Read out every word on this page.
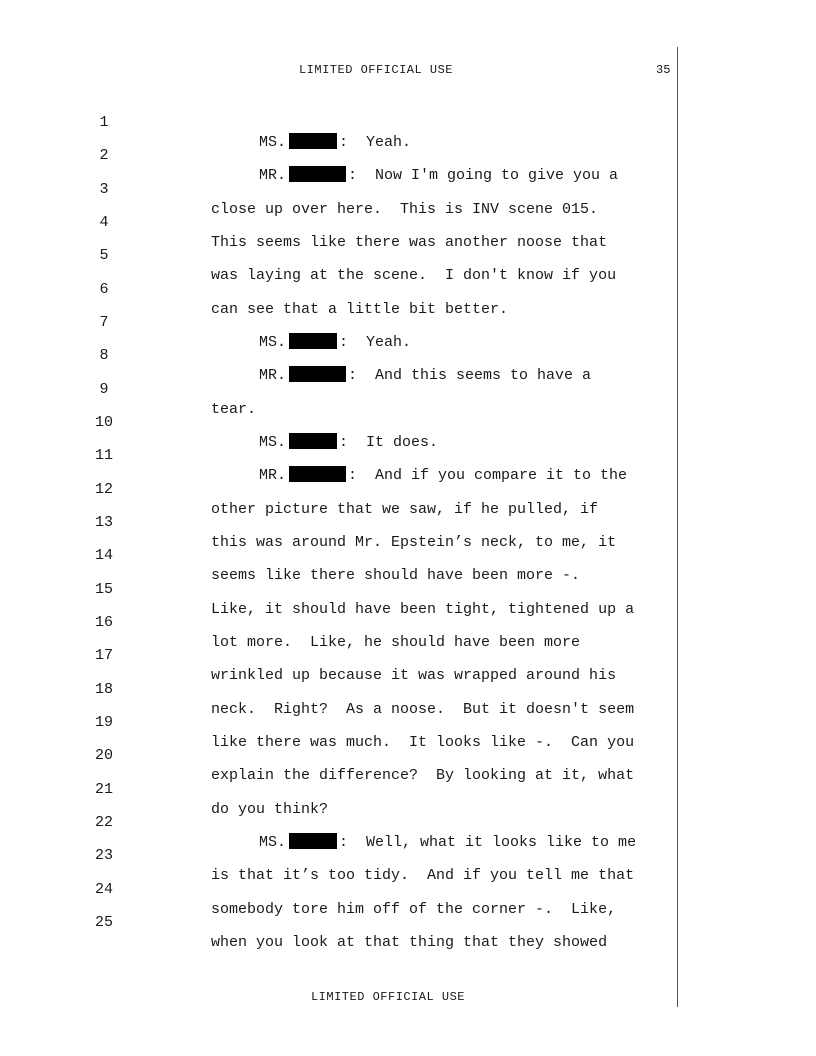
LIMITED OFFICIAL USE	35

1

MS.	:  Yeah.

2

MR.	:  Now I'm going to give you a

3

close up over here.  This is INV scene 015.

4

This seems like there was another noose that

5

was laying at the scene.  I don't know if you

6

can see that a little bit better.

7

MS.	:  Yeah.

8

MR.	:  And this seems to have a

9

tear.

10

MS.	:  It does.

11

MR.	:  And if you compare it to the

12

other picture that we saw, if he pulled, if

13

this was around Mr. Epstein’s neck, to me, it

14

seems like there should have been more -.

15

Like, it should have been tight, tightened up a

16

lot more.  Like, he should have been more

17

wrinkled up because it was wrapped around his

18

neck.  Right?  As a noose.  But it doesn't seem

19

like there was much.  It looks like -.  Can you

20

explain the difference?  By looking at it, what

21

do you think?

22

MS.	:  Well, what it looks like to me

23

is that it’s too tidy.  And if you tell me that

24

somebody tore him off of the corner -.  Like,

25

when you look at that thing that they showed

LIMITED OFFICIAL USE
